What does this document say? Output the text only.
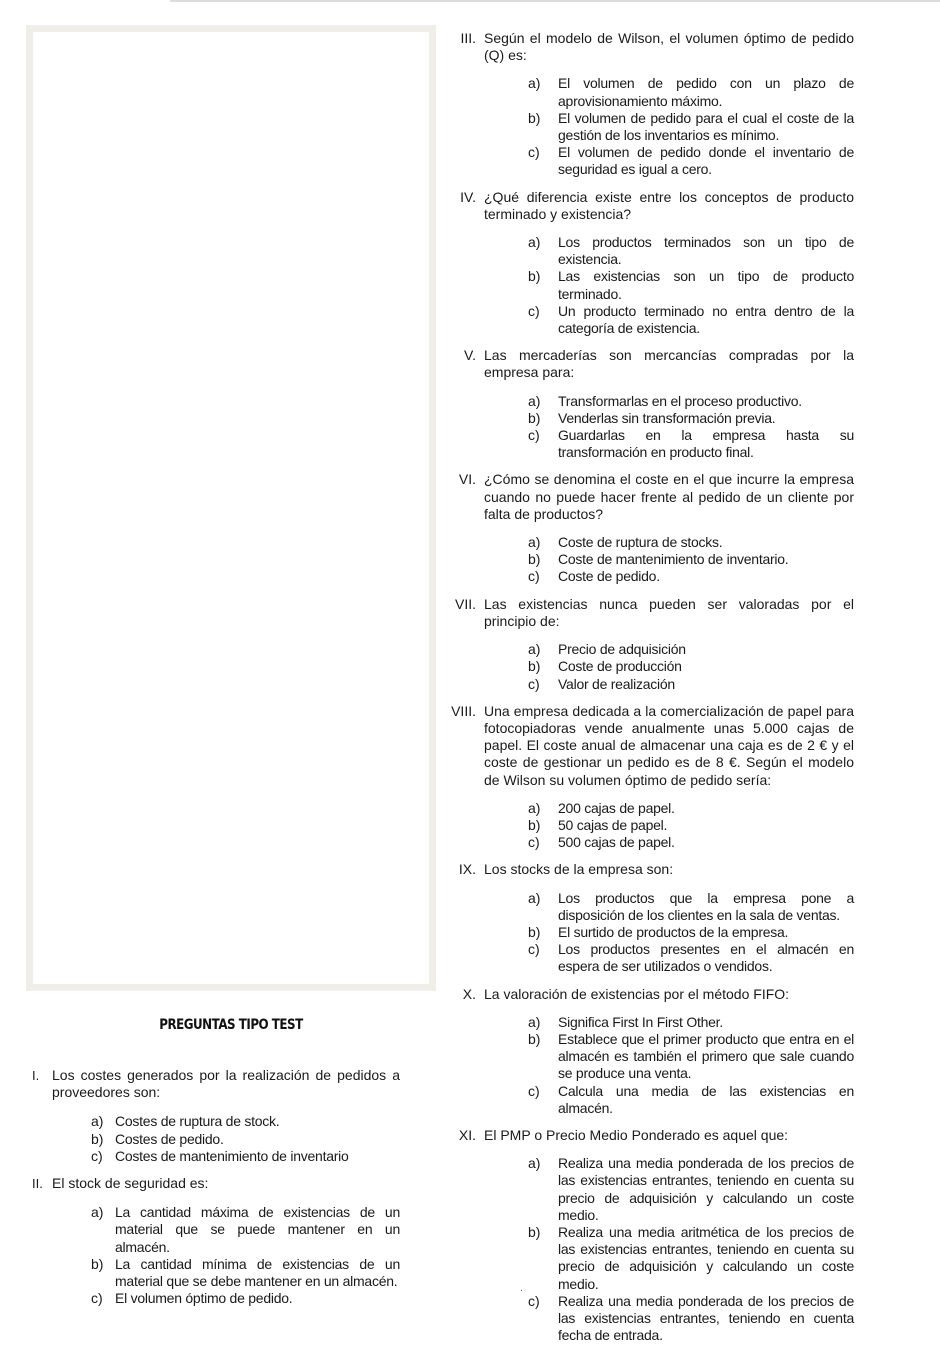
PREGUNTAS TIPO TEST
I. Los costes generados por la realización de pedidos a proveedores son:
a) Costes de ruptura de stock.
b) Costes de pedido.
c) Costes de mantenimiento de inventario
II. El stock de seguridad es:
a) La cantidad máxima de existencias de un material que se puede mantener en un almacén.
b) La cantidad mínima de existencias de un material que se debe mantener en un almacén.
c) El volumen óptimo de pedido.
III. Según el modelo de Wilson, el volumen óptimo de pedido (Q) es:
a) El volumen de pedido con un plazo de aprovisionamiento máximo.
b) El volumen de pedido para el cual el coste de la gestión de los inventarios es mínimo.
c) El volumen de pedido donde el inventario de seguridad es igual a cero.
IV. ¿Qué diferencia existe entre los conceptos de producto terminado y existencia?
a) Los productos terminados son un tipo de existencia.
b) Las existencias son un tipo de producto terminado.
c) Un producto terminado no entra dentro de la categoría de existencia.
V. Las mercaderías son mercancías compradas por la empresa para:
a) Transformarlas en el proceso productivo.
b) Venderlas sin transformación previa.
c) Guardarlas en la empresa hasta su transformación en producto final.
VI. ¿Cómo se denomina el coste en el que incurre la empresa cuando no puede hacer frente al pedido de un cliente por falta de productos?
a) Coste de ruptura de stocks.
b) Coste de mantenimiento de inventario.
c) Coste de pedido.
VII. Las existencias nunca pueden ser valoradas por el principio de:
a) Precio de adquisición
b) Coste de producción
c) Valor de realización
VIII. Una empresa dedicada a la comercialización de papel para fotocopiadoras vende anualmente unas 5.000 cajas de papel. El coste anual de almacenar una caja es de 2 € y el coste de gestionar un pedido es de 8 €. Según el modelo de Wilson su volumen óptimo de pedido sería:
a) 200 cajas de papel.
b) 50 cajas de papel.
c) 500 cajas de papel.
IX. Los stocks de la empresa son:
a) Los productos que la empresa pone a disposición de los clientes en la sala de ventas.
b) El surtido de productos de la empresa.
c) Los productos presentes en el almacén en espera de ser utilizados o vendidos.
X. La valoración de existencias por el método FIFO:
a) Significa First In First Other.
b) Establece que el primer producto que entra en el almacén es también el primero que sale cuando se produce una venta.
c) Calcula una media de las existencias en almacén.
XI. El PMP o Precio Medio Ponderado es aquel que:
a) Realiza una media ponderada de los precios de las existencias entrantes, teniendo en cuenta su precio de adquisición y calculando un coste medio.
b) Realiza una media aritmética de los precios de las existencias entrantes, teniendo en cuenta su precio de adquisición y calculando un coste medio.
c) Realiza una media ponderada de los precios de las existencias entrantes, teniendo en cuenta fecha de entrada.
.
